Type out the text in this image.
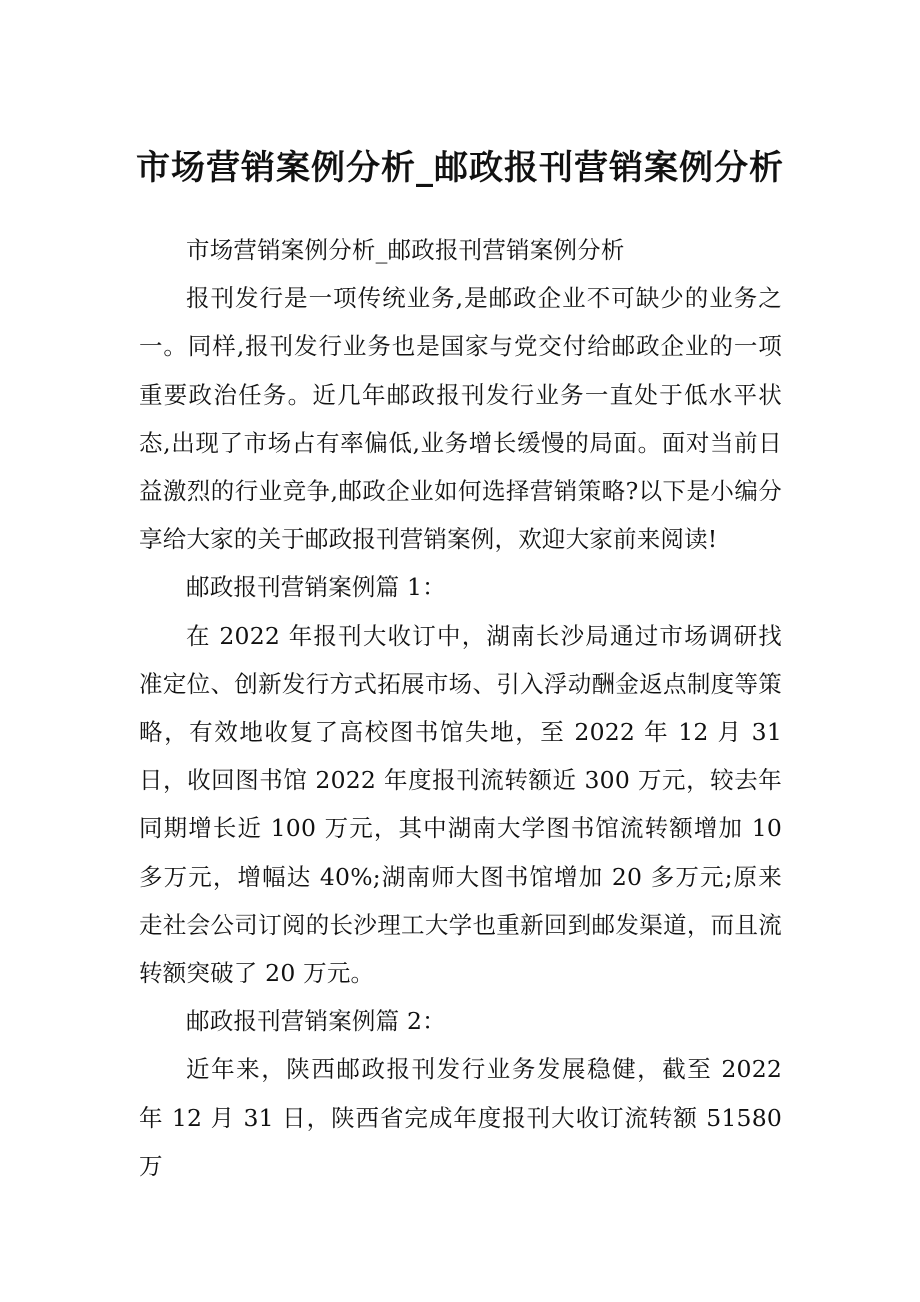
市场营销案例分析_邮政报刊营销案例分析

市场营销案例分析_邮政报刊营销案例分析

报刊发行是一项传统业务,是邮政企业不可缺少的业务之一。同样,报刊发行业务也是国家与党交付给邮政企业的一项重要政治任务。近几年邮政报刊发行业务一直处于低水平状态,出现了市场占有率偏低,业务增长缓慢的局面。面对当前日益激烈的行业竞争,邮政企业如何选择营销策略?以下是小编分享给大家的关于邮政报刊营销案例，欢迎大家前来阅读!

邮政报刊营销案例篇 1：

在 2022 年报刊大收订中，湖南长沙局通过市场调研找准定位、创新发行方式拓展市场、引入浮动酬金返点制度等策略，有效地收复了高校图书馆失地，至 2022 年 12 月 31 日，收回图书馆 2022 年度报刊流转额近 300 万元，较去年同期增长近 100 万元，其中湖南大学图书馆流转额增加 10 多万元，增幅达 40%;湖南师大图书馆增加 20 多万元;原来走社会公司订阅的长沙理工大学也重新回到邮发渠道，而且流转额突破了 20 万元。

邮政报刊营销案例篇 2：

近年来，陕西邮政报刊发行业务发展稳健，截至 2022 年 12 月 31 日，陕西省完成年度报刊大收订流转额 51580 万
